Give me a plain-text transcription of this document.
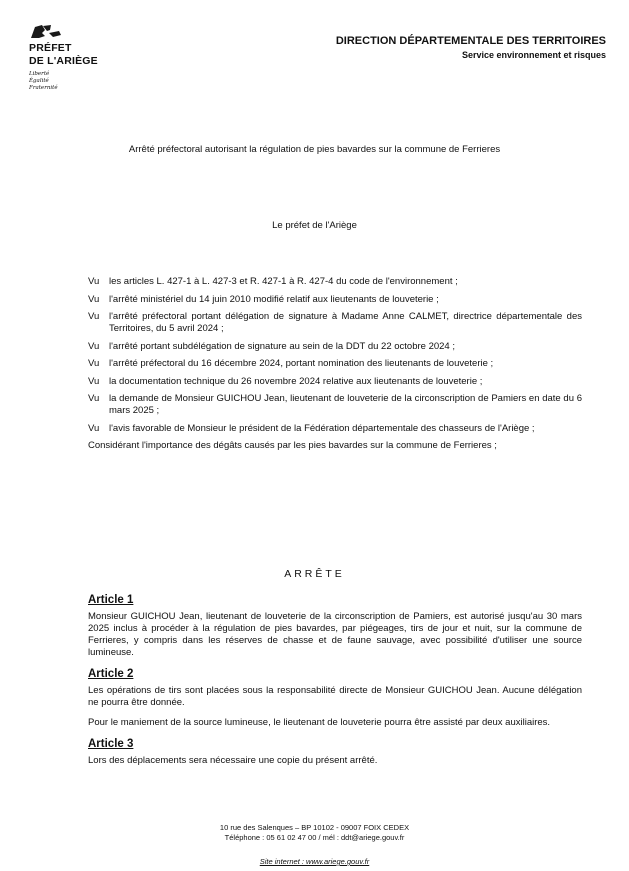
PRÉFET
DE L'ARIÈGE
Liberté
Égalité
Fraternité
DIRECTION DÉPARTEMENTALE DES TERRITOIRES
Service environnement et risques
Arrêté préfectoral autorisant la régulation de pies bavardes sur la commune de Ferrieres
Le préfet de l'Ariège
Vu	les articles L. 427-1 à L. 427-3 et R. 427-1 à R. 427-4 du code de l'environnement ;
Vu	l'arrêté ministériel du 14 juin 2010 modifié relatif aux lieutenants de louveterie ;
Vu	l'arrêté préfectoral portant délégation de signature à Madame Anne CALMET, directrice départementale des Territoires, du 5 avril 2024 ;
Vu	l'arrêté portant subdélégation de signature au sein de la DDT du 22 octobre 2024 ;
Vu	l'arrêté préfectoral du 16 décembre 2024, portant nomination des lieutenants de louveterie ;
Vu	la documentation technique du 26 novembre 2024 relative aux lieutenants de louveterie ;
Vu	la demande de Monsieur GUICHOU Jean, lieutenant de louveterie de la circonscription de Pamiers en date du 6 mars 2025 ;
Vu	l'avis favorable de Monsieur le président de la Fédération départementale des chasseurs de l'Ariège ;
Considérant l'importance des dégâts causés par les pies bavardes sur la commune de Ferrieres ;
ARRÊTE
Article 1

Monsieur GUICHOU Jean, lieutenant de louveterie de la circonscription de Pamiers, est autorisé jusqu'au 30 mars 2025 inclus à procéder à la régulation de pies bavardes, par piégeages, tirs de jour et nuit, sur la commune de Ferrieres, y compris dans les réserves de chasse et de faune sauvage, avec possibilité d'utiliser une source lumineuse.

Article 2

Les opérations de tirs sont placées sous la responsabilité directe de Monsieur GUICHOU Jean. Aucune délégation ne pourra être donnée.

Pour le maniement de la source lumineuse, le lieutenant de louveterie pourra être assisté par deux auxiliaires.

Article 3

Lors des déplacements sera nécessaire une copie du présent arrêté.

10 rue des Salenques – BP 10102 - 09007 FOIX CEDEX
Téléphone : 05 61 02 47 00 / mél : ddt@ariege.gouv.fr
Site internet : www.ariege.gouv.fr
